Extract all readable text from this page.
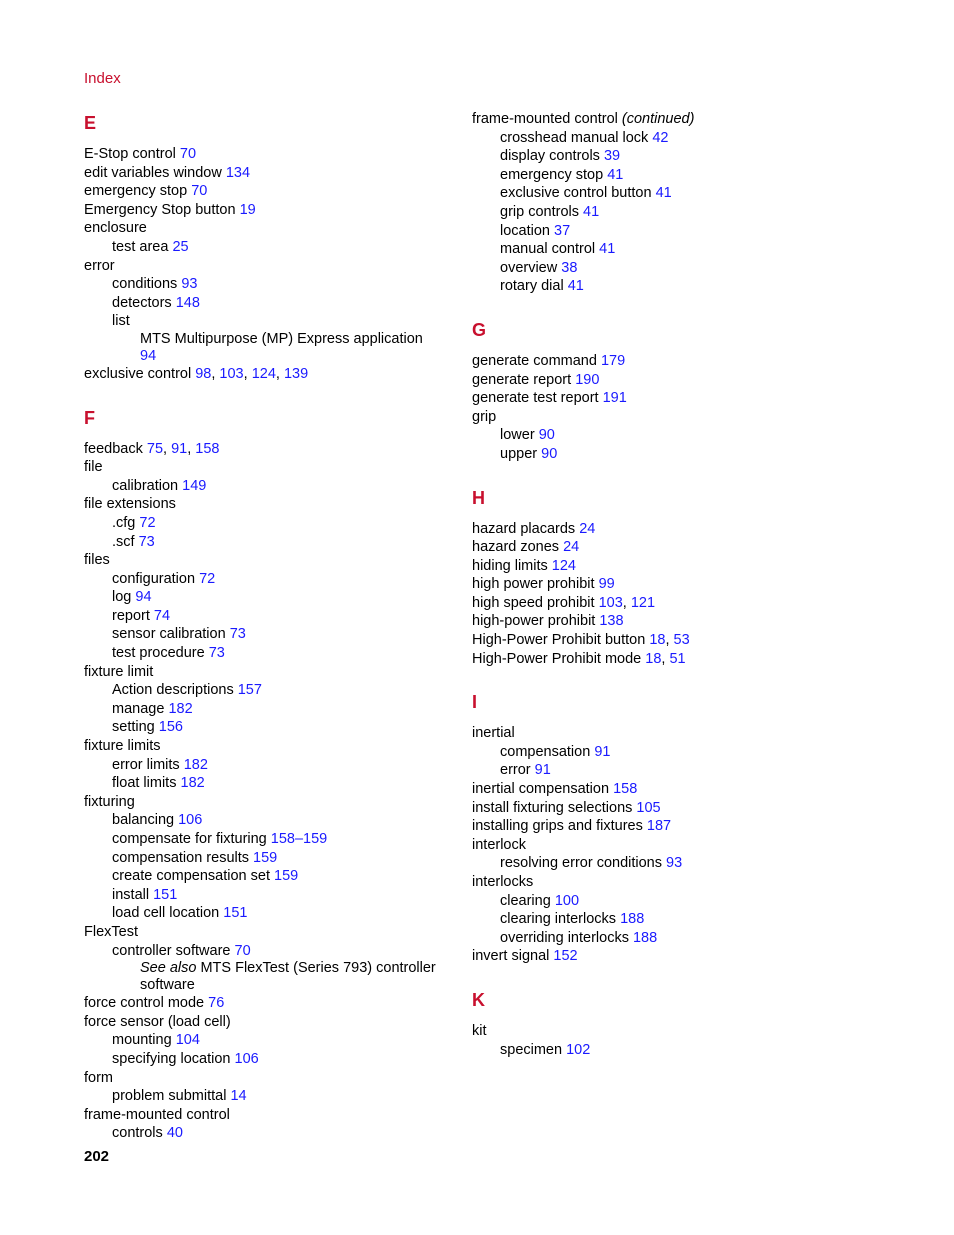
Index
E
E-Stop control 70
edit variables window 134
emergency stop 70
Emergency Stop button 19
enclosure
test area 25
error
conditions 93
detectors 148
list
MTS Multipurpose (MP) Express application 94
exclusive control 98, 103, 124, 139
F
feedback 75, 91, 158
file
calibration 149
file extensions
.cfg 72
.scf 73
files
configuration 72
log 94
report 74
sensor calibration 73
test procedure 73
fixture limit
Action descriptions 157
manage 182
setting 156
fixture limits
error limits 182
float limits 182
fixturing
balancing 106
compensate for fixturing 158–159
compensation results 159
create compensation set 159
install 151
load cell location 151
FlexTest
controller software 70
See also MTS FlexTest (Series 793) controller software
force control mode 76
force sensor (load cell)
mounting 104
specifying location 106
form
problem submittal 14
frame-mounted control
controls 40
frame-mounted control (continued)
crosshead manual lock 42
display controls 39
emergency stop 41
exclusive control button 41
grip controls 41
location 37
manual control 41
overview 38
rotary dial 41
G
generate command 179
generate report 190
generate test report 191
grip
lower 90
upper 90
H
hazard placards 24
hazard zones 24
hiding limits 124
high power prohibit 99
high speed prohibit 103, 121
high-power prohibit 138
High-Power Prohibit button 18, 53
High-Power Prohibit mode 18, 51
I
inertial
compensation 91
error 91
inertial compensation 158
install fixturing selections 105
installing grips and fixtures 187
interlock
resolving error conditions 93
interlocks
clearing 100
clearing interlocks 188
overriding interlocks 188
invert signal 152
K
kit
specimen 102
202
